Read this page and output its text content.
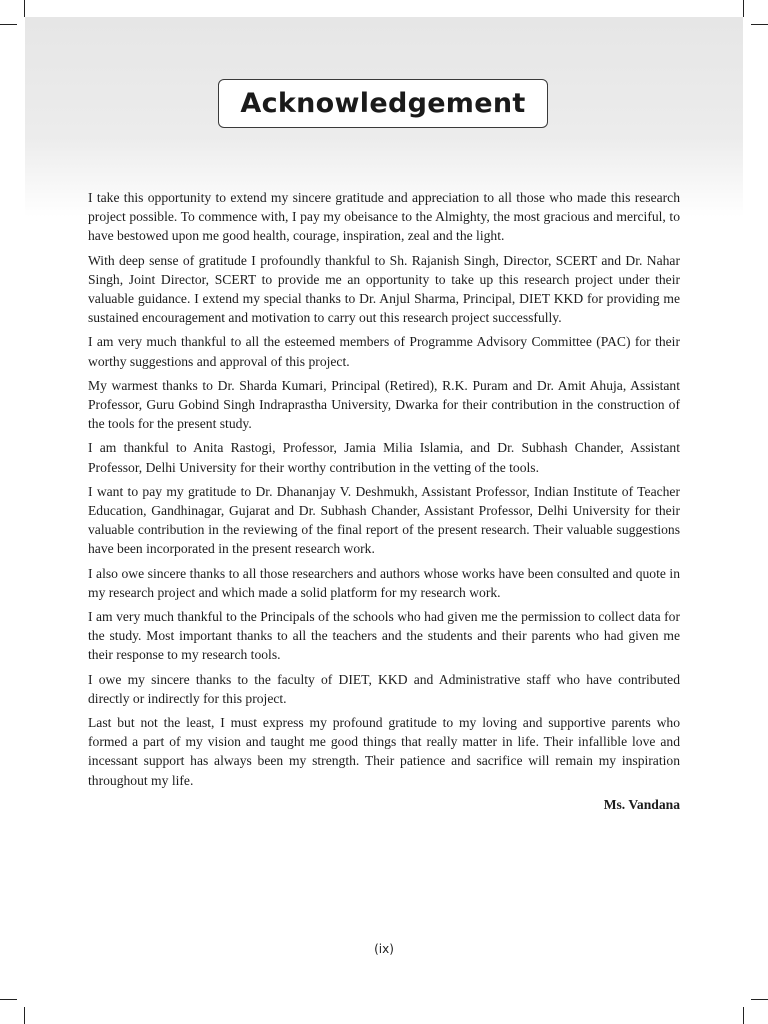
Acknowledgement

I take this opportunity to extend my sincere gratitude and appreciation to all those who made this research project possible. To commence with, I pay my obeisance to the Almighty, the most gracious and merciful, to have bestowed upon me good health, courage, inspiration, zeal and the light.

With deep sense of gratitude I profoundly thankful to Sh. Rajanish Singh, Director, SCERT and Dr. Nahar Singh, Joint Director, SCERT to provide me an opportunity to take up this research project under their valuable guidance. I extend my special thanks to Dr. Anjul Sharma, Principal, DIET KKD for providing me sustained encouragement and motivation to carry out this research project successfully.

I am very much thankful to all the esteemed members of Programme Advisory Committee (PAC) for their worthy suggestions and approval of this project.

My warmest thanks to Dr. Sharda Kumari, Principal (Retired), R.K. Puram and Dr. Amit Ahuja, Assistant Professor, Guru Gobind Singh Indraprastha University, Dwarka for their contribution in the construction of the tools for the present study.

I am thankful to Anita Rastogi, Professor, Jamia Milia Islamia, and Dr. Subhash Chander, Assistant Professor, Delhi University for their worthy contribution in the vetting of the tools.

I want to pay my gratitude to Dr. Dhananjay V. Deshmukh, Assistant Professor, Indian Institute of Teacher Education, Gandhinagar, Gujarat and Dr. Subhash Chander, Assistant Professor, Delhi University for their valuable contribution in the reviewing of the final report of the present research. Their valuable suggestions have been incorporated in the present research work.

I also owe sincere thanks to all those researchers and authors whose works have been consulted and quote in my research project and which made a solid platform for my research work.

I am very much thankful to the Principals of the schools who had given me the permission to collect data for the study. Most important thanks to all the teachers and the students and their parents who had given me their response to my research tools.

I owe my sincere thanks to the faculty of DIET, KKD and Administrative staff who have contributed directly or indirectly for this project.

Last but not the least, I must express my profound gratitude to my loving and supportive parents who formed a part of my vision and taught me good things that really matter in life. Their infallible love and incessant support has always been my strength. Their patience and sacrifice will remain my inspiration throughout my life.

Ms. Vandana

(ix)
